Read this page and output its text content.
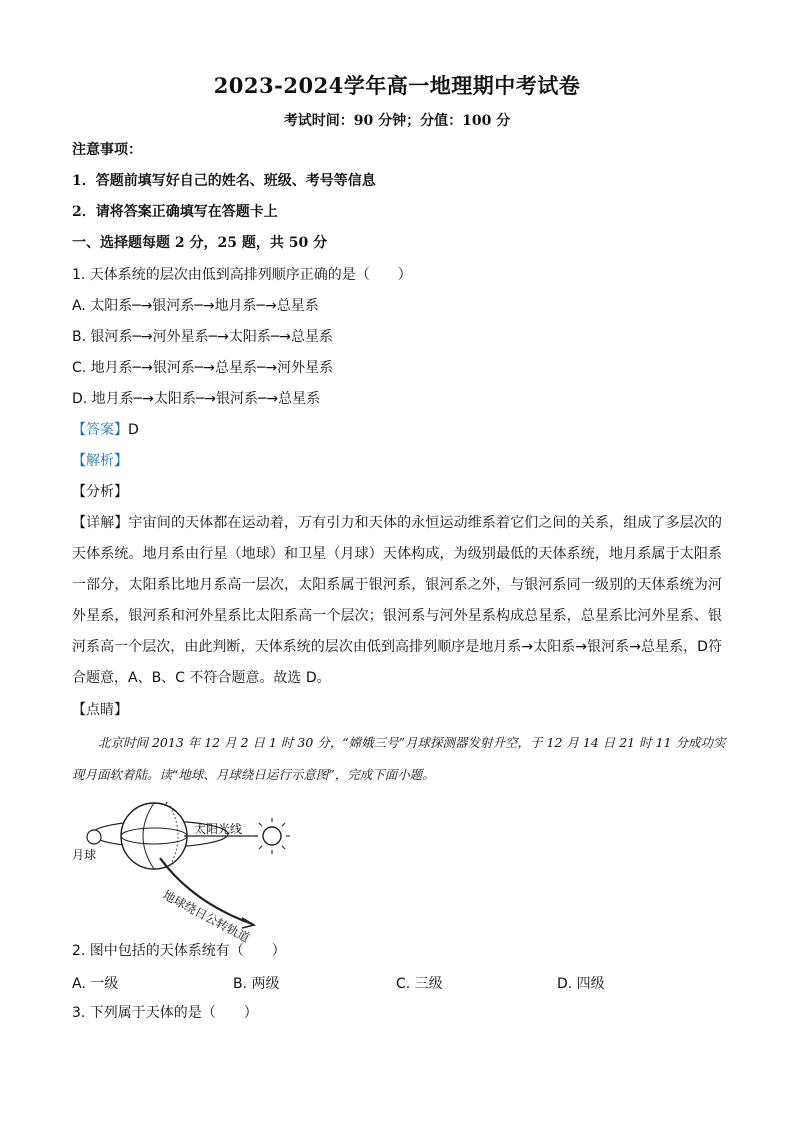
2023-2024学年高一地理期中考试卷
考试时间：90 分钟；分值：100 分
注意事项：
1．答题前填写好自己的姓名、班级、考号等信息
2．请将答案正确填写在答题卡上
一、选择题每题 2 分，25 题，共 50 分
1. 天体系统的层次由低到高排列顺序正确的是（　　）
A. 太阳系─→银河系─→地月系─→总星系
B. 银河系─→河外星系─→太阳系─→总星系
C. 地月系─→银河系─→总星系─→河外星系
D. 地月系─→太阳系─→银河系─→总星系
【答案】D
【解析】
【分析】
【详解】宇宙间的天体都在运动着，万有引力和天体的永恒运动维系着它们之间的关系，组成了多层次的天体系统。地月系由行星（地球）和卫星（月球）天体构成，为级别最低的天体系统，地月系属于太阳系一部分，太阳系比地月系高一层次，太阳系属于银河系，银河系之外，与银河系同一级别的天体系统为河外星系，银河系和河外星系比太阳系高一个层次；银河系与河外星系构成总星系，总星系比河外星系、银河系高一个层次，由此判断，天体系统的层次由低到高排列顺序是地月系→太阳系→银河系→总星系，D符合题意，A、B、C 不符合题意。故选 D。
【点睛】
北京时间 2013 年 12 月 2 日 1 时 30 分，“嫦娥三号”月球探测器发射升空，于 12 月 14 日 21 时 11 分成功实现月面软着陆。读“地球、月球绕日运行示意图”，完成下面小题。
月球
太阳光线
地球绕日公转轨道
2. 图中包括的天体系统有（　　）
A. 一级	B. 两级	C. 三级	D. 四级
3. 下列属于天体的是（　　）
